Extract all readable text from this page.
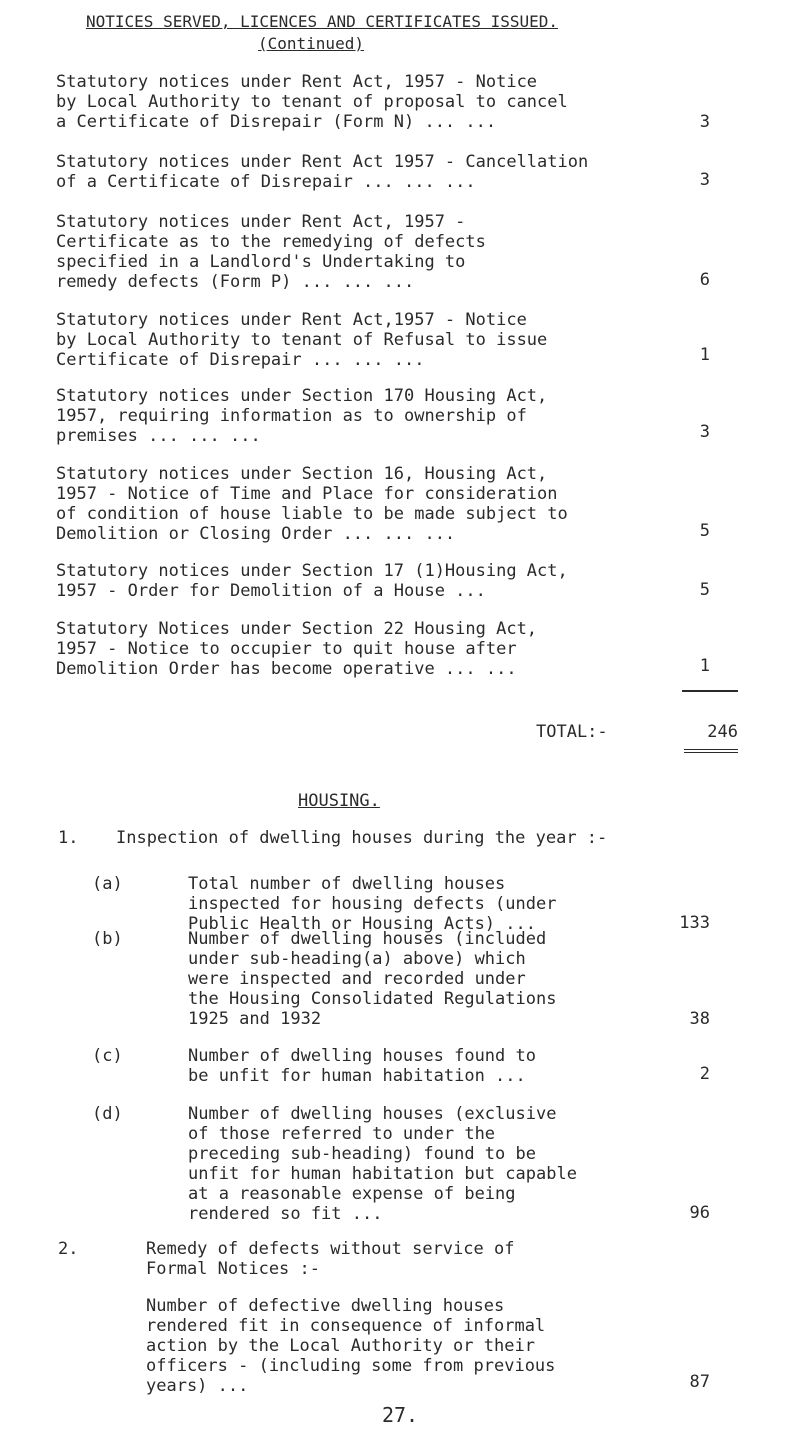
NOTICES SERVED, LICENCES AND CERTIFICATES ISSUED.
(Continued)
Statutory notices under Rent Act, 1957 - Notice
by Local Authority to tenant of proposal to cancel
a Certificate of Disrepair (Form N) ... ...	3
Statutory notices under Rent Act 1957 - Cancellation
of a Certificate of Disrepair ... ... ...	3
Statutory notices under Rent Act, 1957 -
Certificate as to the remedying of defects
specified in a Landlord's Undertaking to
remedy defects (Form P) ... ... ...	6
Statutory notices under Rent Act,1957 - Notice
by Local Authority to tenant of Refusal to issue
Certificate of Disrepair ... ... ...	1
Statutory notices under Section 170 Housing Act,
1957, requiring information as to ownership of
premises ... ... ...	3
Statutory notices under Section 16, Housing Act,
1957 - Notice of Time and Place for consideration
of condition of house liable to be made subject to
Demolition or Closing Order ... ... ...	5
Statutory notices under Section 17 (1)Housing Act,
1957 - Order for Demolition of a House ...	5
Statutory Notices under Section 22 Housing Act,
1957 - Notice to occupier to quit house after
Demolition Order has become operative ... ...	1
TOTAL:-	246
HOUSING.
1. Inspection of dwelling houses during the year :-
(a)	Total number of dwelling houses
inspected for housing defects (under
Public Health or Housing Acts) ...	133
(b)	Number of dwelling houses (included
under sub-heading(a) above) which
were inspected and recorded under
the Housing Consolidated Regulations
1925 and 1932	38
(c)	Number of dwelling houses found to
be unfit for human habitation ...	2
(d)	Number of dwelling houses (exclusive
of those referred to under the
preceding sub-heading) found to be
unfit for human habitation but capable
at a reasonable expense of being
rendered so fit ...	96
2.	Remedy of defects without service of
Formal Notices :-
Number of defective dwelling houses
rendered fit in consequence of informal
action by the Local Authority or their
officers - (including some from previous
years) ...	87
27.
